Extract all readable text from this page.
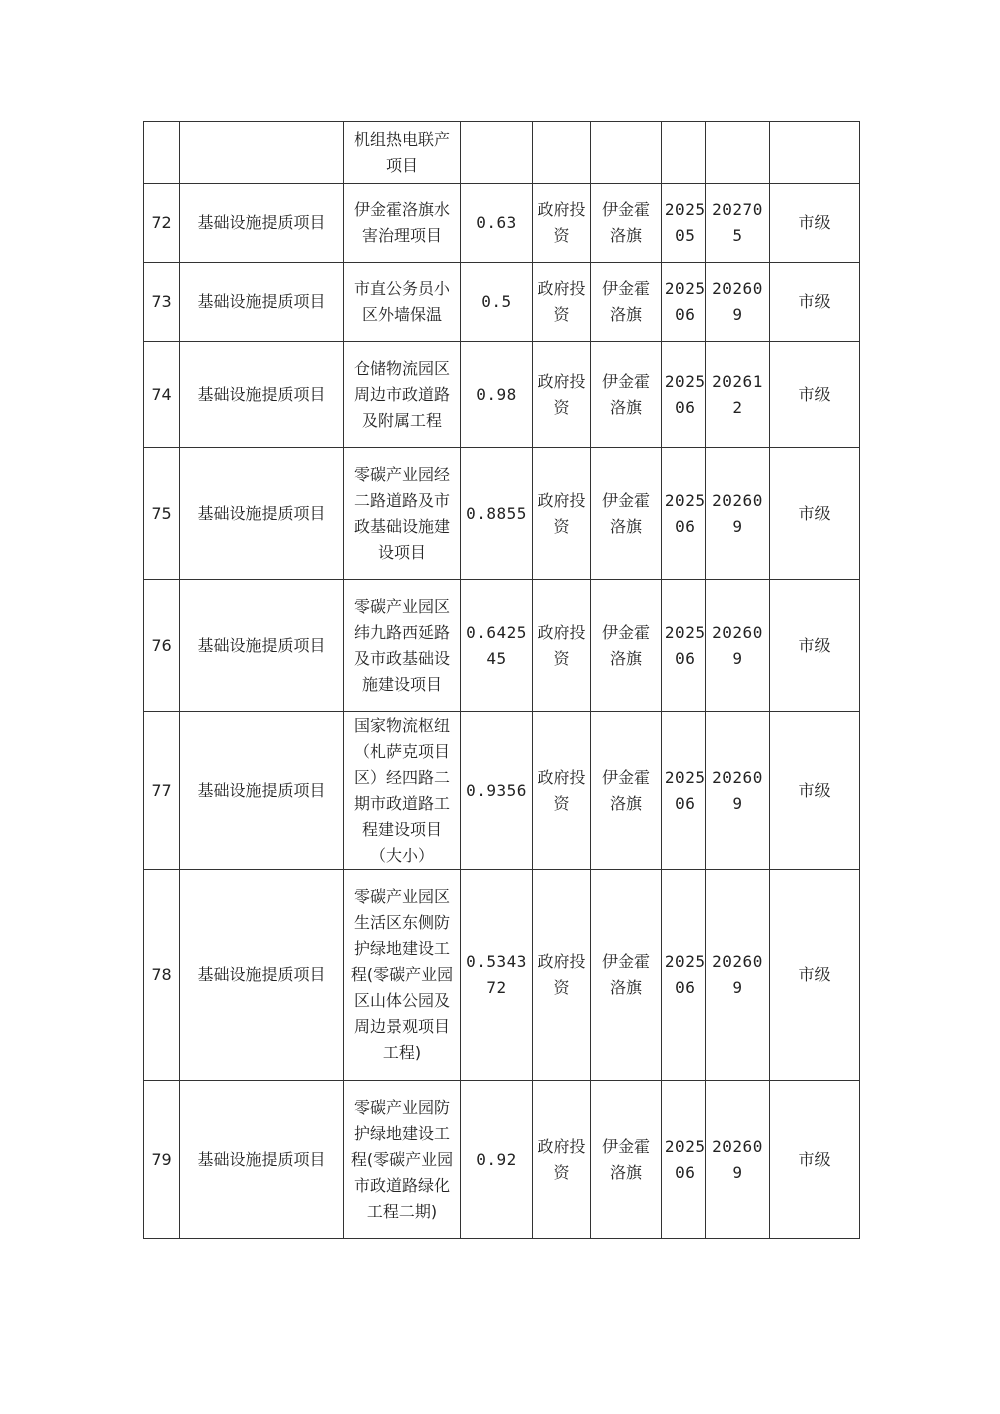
		机组热电联产项目						
72	基础设施提质项目	伊金霍洛旗水害治理项目	0.63	政府投资	伊金霍洛旗	202505	202705	市级
73	基础设施提质项目	市直公务员小区外墙保温	0.5	政府投资	伊金霍洛旗	202506	202609	市级
74	基础设施提质项目	仓储物流园区周边市政道路及附属工程	0.98	政府投资	伊金霍洛旗	202506	202612	市级
75	基础设施提质项目	零碳产业园经二路道路及市政基础设施建设项目	0.8855	政府投资	伊金霍洛旗	202506	202609	市级
76	基础设施提质项目	零碳产业园区纬九路西延路及市政基础设施建设项目	0.642545	政府投资	伊金霍洛旗	202506	202609	市级
77	基础设施提质项目	国家物流枢纽（札萨克项目区）经四路二期市政道路工程建设项目（大小）	0.9356	政府投资	伊金霍洛旗	202506	202609	市级
78	基础设施提质项目	零碳产业园区生活区东侧防护绿地建设工程(零碳产业园区山体公园及周边景观项目工程)	0.534372	政府投资	伊金霍洛旗	202506	202609	市级
79	基础设施提质项目	零碳产业园防护绿地建设工程(零碳产业园市政道路绿化工程二期)	0.92	政府投资	伊金霍洛旗	202506	202609	市级
